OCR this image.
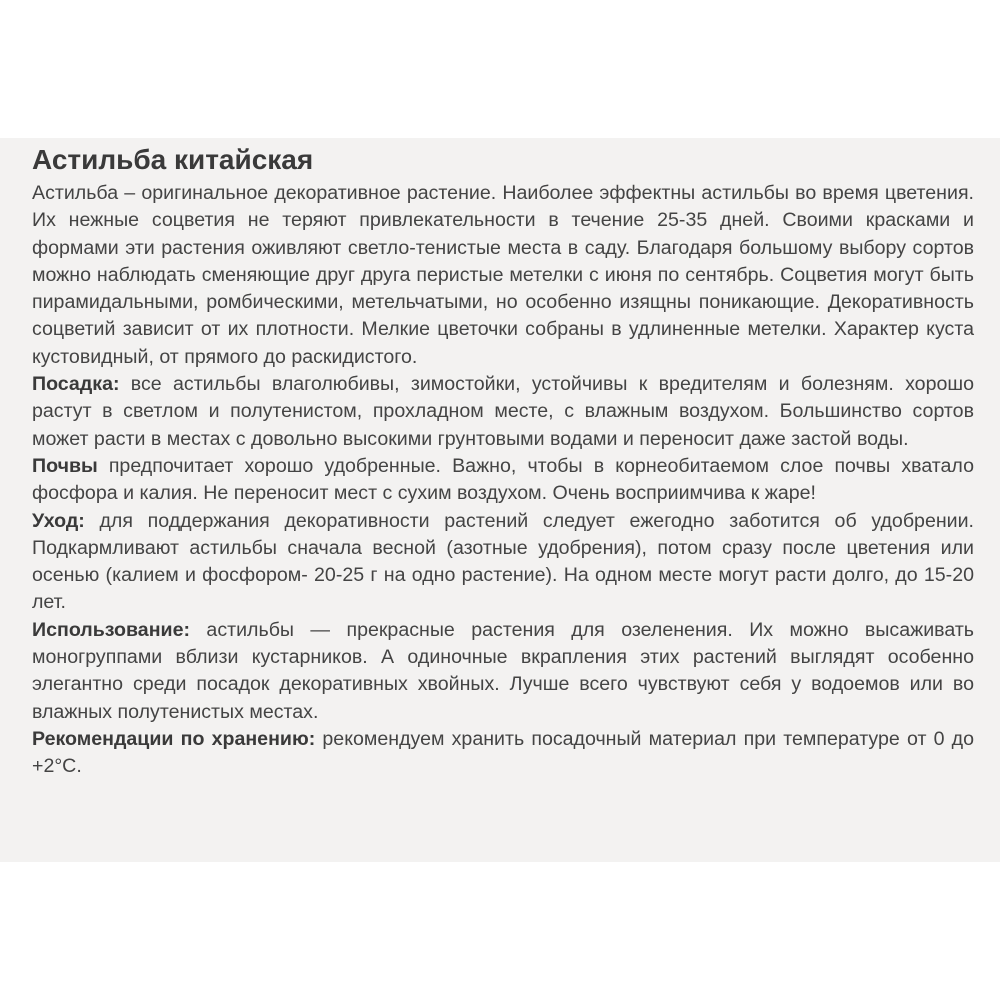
Астильба китайская

Астильба – оригинальное декоративное растение. Наиболее эффектны астильбы во время цветения. Их нежные соцветия не теряют привлекательности в течение 25-35 дней. Своими красками и формами эти растения оживляют светло-тенистые места в саду. Благодаря большому выбору сортов можно наблюдать сменяющие друг друга перистые метелки с июня по сентябрь. Соцветия могут быть пирамидальными, ромбическими, метельчатыми, но особенно изящны поникающие. Декоративность соцветий зависит от их плотности. Мелкие цветочки собраны в удлиненные метелки. Характер куста кустовидный, от прямого до раскидистого.

Посадка: все астильбы влаголюбивы, зимостойки, устойчивы к вредителям и болезням. хорошо растут в светлом и полутенистом, прохладном месте, с влажным воздухом. Большинство сортов может расти в местах с довольно высокими грунтовыми водами и переносит даже застой воды.

Почвы предпочитает хорошо удобренные. Важно, чтобы в корнеобитаемом слое почвы хватало фосфора и калия. Не переносит мест с сухим воздухом. Очень восприимчива к жаре!

Уход: для поддержания декоративности растений следует ежегодно заботится об удобрении. Подкармливают астильбы сначала весной (азотные удобрения), потом сразу после цветения или осенью (калием и фосфором- 20-25 г на одно растение). На одном месте могут расти долго, до 15-20 лет.

Использование: астильбы — прекрасные растения для озеленения. Их можно высаживать моногруппами вблизи кустарников. А одиночные вкрапления этих растений выглядят особенно элегантно среди посадок декоративных хвойных. Лучше всего чувствуют себя у водоемов или во влажных полутенистых местах.

Рекомендации по хранению: рекомендуем хранить посадочный материал при температуре от 0 до +2°С.
